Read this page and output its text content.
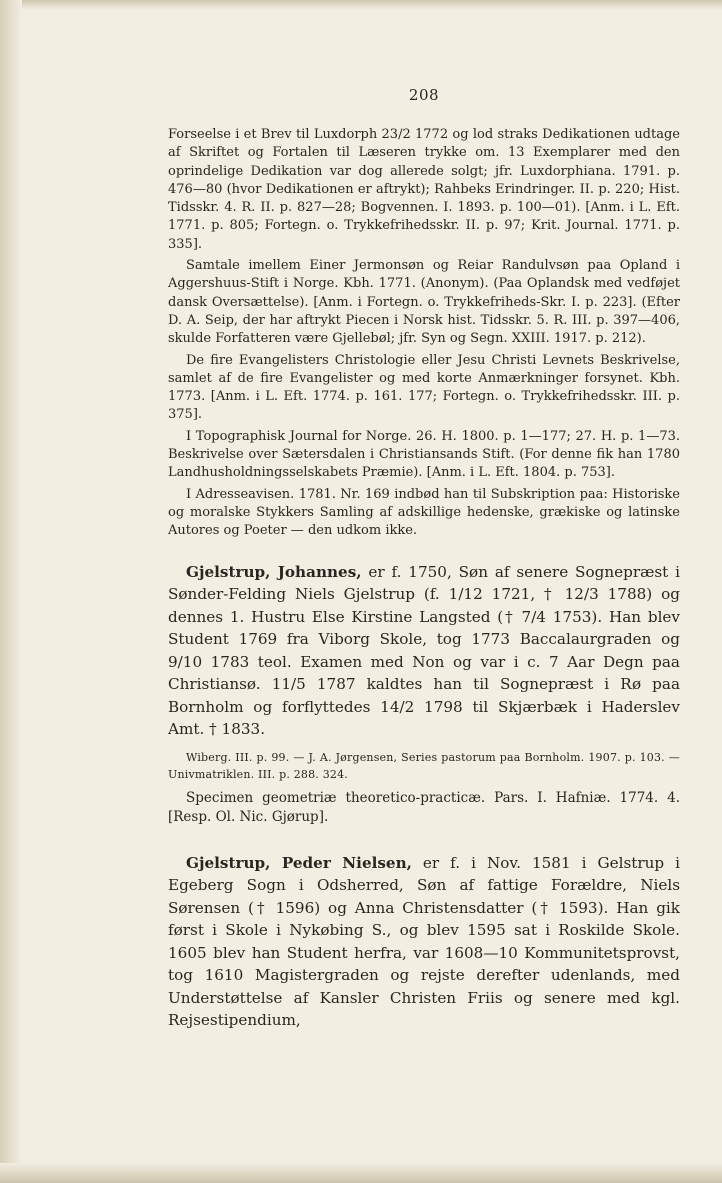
208

Forseelse i et Brev til Luxdorph 23/2 1772 og lod straks Dedikationen udtage af Skriftet og Fortalen til Læseren trykke om. 13 Exemplarer med den oprindelige Dedikation var dog allerede solgt; jfr. Luxdorphiana. 1791. p. 476—80 (hvor Dedikationen er aftrykt); Rahbeks Erindringer. II. p. 220; Hist. Tidsskr. 4. R. II. p. 827—28; Bogvennen. I. 1893. p. 100—01). [Anm. i L. Eft. 1771. p. 805; Fortegn. o. Trykkefrihedsskr. II. p. 97; Krit. Journal. 1771. p. 335].

Samtale imellem Einer Jermonsøn og Reiar Randulvsøn paa Opland i Aggershuus-Stift i Norge. Kbh. 1771. (Anonym). (Paa Oplandsk med vedføjet dansk Oversættelse). [Anm. i Fortegn. o. Trykkefriheds-Skr. I. p. 223]. (Efter D. A. Seip, der har aftrykt Piecen i Norsk hist. Tidsskr. 5. R. III. p. 397—406, skulde Forfatteren være Gjellebøl; jfr. Syn og Segn. XXIII. 1917. p. 212).

De fire Evangelisters Christologie eller Jesu Christi Levnets Beskrivelse, samlet af de fire Evangelister og med korte Anmærkninger forsynet. Kbh. 1773. [Anm. i L. Eft. 1774. p. 161. 177; Fortegn. o. Trykkefrihedsskr. III. p. 375].

I Topographisk Journal for Norge. 26. H. 1800. p. 1—177; 27. H. p. 1—73. Beskrivelse over Sætersdalen i Christiansands Stift. (For denne fik han 1780 Landhusholdningsselskabets Præmie). [Anm. i L. Eft. 1804. p. 753].

I Adresseavisen. 1781. Nr. 169 indbød han til Subskription paa: Historiske og moralske Stykkers Samling af adskillige hedenske, grækiske og latinske Autores og Poeter — den udkom ikke.

Gjelstrup, Johannes, er f. 1750, Søn af senere Sognepræst i Sønder-Felding Niels Gjelstrup (f. 1/12 1721, † 12/3 1788) og dennes 1. Hustru Else Kirstine Langsted († 7/4 1753). Han blev Student 1769 fra Viborg Skole, tog 1773 Baccalaurgraden og 9/10 1783 teol. Examen med Non og var i c. 7 Aar Degn paa Christiansø. 11/5 1787 kaldtes han til Sognepræst i Rø paa Bornholm og forflyttedes 14/2 1798 til Skjærbæk i Haderslev Amt. † 1833.

Wiberg. III. p. 99. — J. A. Jørgensen, Series pastorum paa Bornholm. 1907. p. 103. — Univmatriklen. III. p. 288. 324.

Specimen geometriæ theoretico-practicæ. Pars. I. Hafniæ. 1774. 4. [Resp. Ol. Nic. Gjørup].

Gjelstrup, Peder Nielsen, er f. i Nov. 1581 i Gelstrup i Egeberg Sogn i Odsherred, Søn af fattige Forældre, Niels Sørensen († 1596) og Anna Christensdatter († 1593). Han gik først i Skole i Nykøbing S., og blev 1595 sat i Roskilde Skole. 1605 blev han Student herfra, var 1608—10 Kommunitetsprovst, tog 1610 Magistergraden og rejste derefter udenlands, med Understøttelse af Kansler Christen Friis og senere med kgl. Rejsestipendium,
